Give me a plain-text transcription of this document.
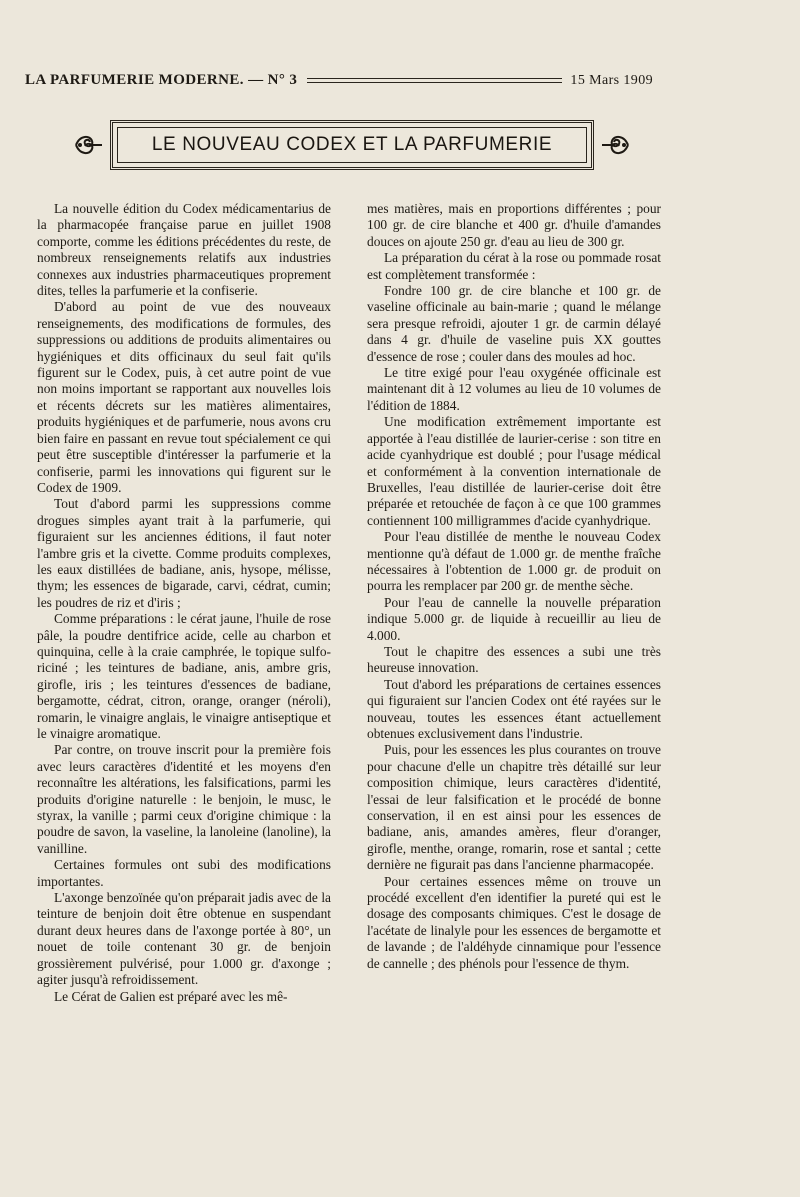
LA PARFUMERIE MODERNE. — N° 3	15 Mars 1909
LE NOUVEAU CODEX ET LA PARFUMERIE

La nouvelle édition du Codex médicamentarius de la pharmacopée française parue en juillet 1908 comporte, comme les éditions précédentes du reste, de nombreux renseignements relatifs aux industries connexes aux industries pharmaceutiques proprement dites, telles la parfumerie et la confiserie.

D'abord au point de vue des nouveaux renseignements, des modifications de formules, des suppressions ou additions de produits alimentaires ou hygiéniques et dits officinaux du seul fait qu'ils figurent sur le Codex, puis, à cet autre point de vue non moins important se rapportant aux nouvelles lois et récents décrets sur les matières alimentaires, produits hygiéniques et de parfumerie, nous avons cru bien faire en passant en revue tout spécialement ce qui peut être susceptible d'intéresser la parfumerie et la confiserie, parmi les innovations qui figurent sur le Codex de 1909.

Tout d'abord parmi les suppressions comme drogues simples ayant trait à la parfumerie, qui figuraient sur les anciennes éditions, il faut noter l'ambre gris et la civette. Comme produits complexes, les eaux distillées de badiane, anis, hysope, mélisse, thym; les essences de bigarade, carvi, cédrat, cumin; les poudres de riz et d'iris ;

Comme préparations : le cérat jaune, l'huile de rose pâle, la poudre dentifrice acide, celle au charbon et quinquina, celle à la craie camphrée, le topique sulfo-riciné ; les teintures de badiane, anis, ambre gris, girofle, iris ; les teintures d'essences de badiane, bergamotte, cédrat, citron, orange, oranger (néroli), romarin, le vinaigre anglais, le vinaigre antiseptique et le vinaigre aromatique.

Par contre, on trouve inscrit pour la première fois avec leurs caractères d'identité et les moyens d'en reconnaître les altérations, les falsifications, parmi les produits d'origine naturelle : le benjoin, le musc, le styrax, la vanille ; parmi ceux d'origine chimique : la poudre de savon, la vaseline, la lanoleine (lanoline), la vanilline.

Certaines formules ont subi des modifications importantes.

L'axonge benzoïnée qu'on préparait jadis avec de la teinture de benjoin doit être obtenue en suspendant durant deux heures dans de l'axonge portée à 80°, un nouet de toile contenant 30 gr. de benjoin grossièrement pulvérisé, pour 1.000 gr. d'axonge ; agiter jusqu'à refroidissement.

Le Cérat de Galien est préparé avec les mê-

mes matières, mais en proportions différentes ; pour 100 gr. de cire blanche et 400 gr. d'huile d'amandes douces on ajoute 250 gr. d'eau au lieu de 300 gr.

La préparation du cérat à la rose ou pommade rosat est complètement transformée :

Fondre 100 gr. de cire blanche et 100 gr. de vaseline officinale au bain-marie ; quand le mélange sera presque refroidi, ajouter 1 gr. de carmin délayé dans 4 gr. d'huile de vaseline puis XX gouttes d'essence de rose ; couler dans des moules ad hoc.

Le titre exigé pour l'eau oxygénée officinale est maintenant dit à 12 volumes au lieu de 10 volumes de l'édition de 1884.

Une modification extrêmement importante est apportée à l'eau distillée de laurier-cerise : son titre en acide cyanhydrique est doublé ; pour l'usage médical et conformément à la convention internationale de Bruxelles, l'eau distillée de laurier-cerise doit être préparée et retouchée de façon à ce que 100 grammes contiennent 100 milligrammes d'acide cyanhydrique.

Pour l'eau distillée de menthe le nouveau Codex mentionne qu'à défaut de 1.000 gr. de menthe fraîche nécessaires à l'obtention de 1.000 gr. de produit on pourra les remplacer par 200 gr. de menthe sèche.

Pour l'eau de cannelle la nouvelle préparation indique 5.000 gr. de liquide à recueillir au lieu de 4.000.

Tout le chapitre des essences a subi une très heureuse innovation.

Tout d'abord les préparations de certaines essences qui figuraient sur l'ancien Codex ont été rayées sur le nouveau, toutes les essences étant actuellement obtenues exclusivement dans l'industrie.

Puis, pour les essences les plus courantes on trouve pour chacune d'elle un chapitre très détaillé sur leur composition chimique, leurs caractères d'identité, l'essai de leur falsification et le procédé de bonne conservation, il en est ainsi pour les essences de badiane, anis, amandes amères, fleur d'oranger, girofle, menthe, orange, romarin, rose et santal ; cette dernière ne figurait pas dans l'ancienne pharmacopée.

Pour certaines essences même on trouve un procédé excellent d'en identifier la pureté qui est le dosage des composants chimiques. C'est le dosage de l'acétate de linalyle pour les essences de bergamotte et de lavande ; de l'aldéhyde cinnamique pour l'essence de cannelle ; des phénols pour l'essence de thym.
